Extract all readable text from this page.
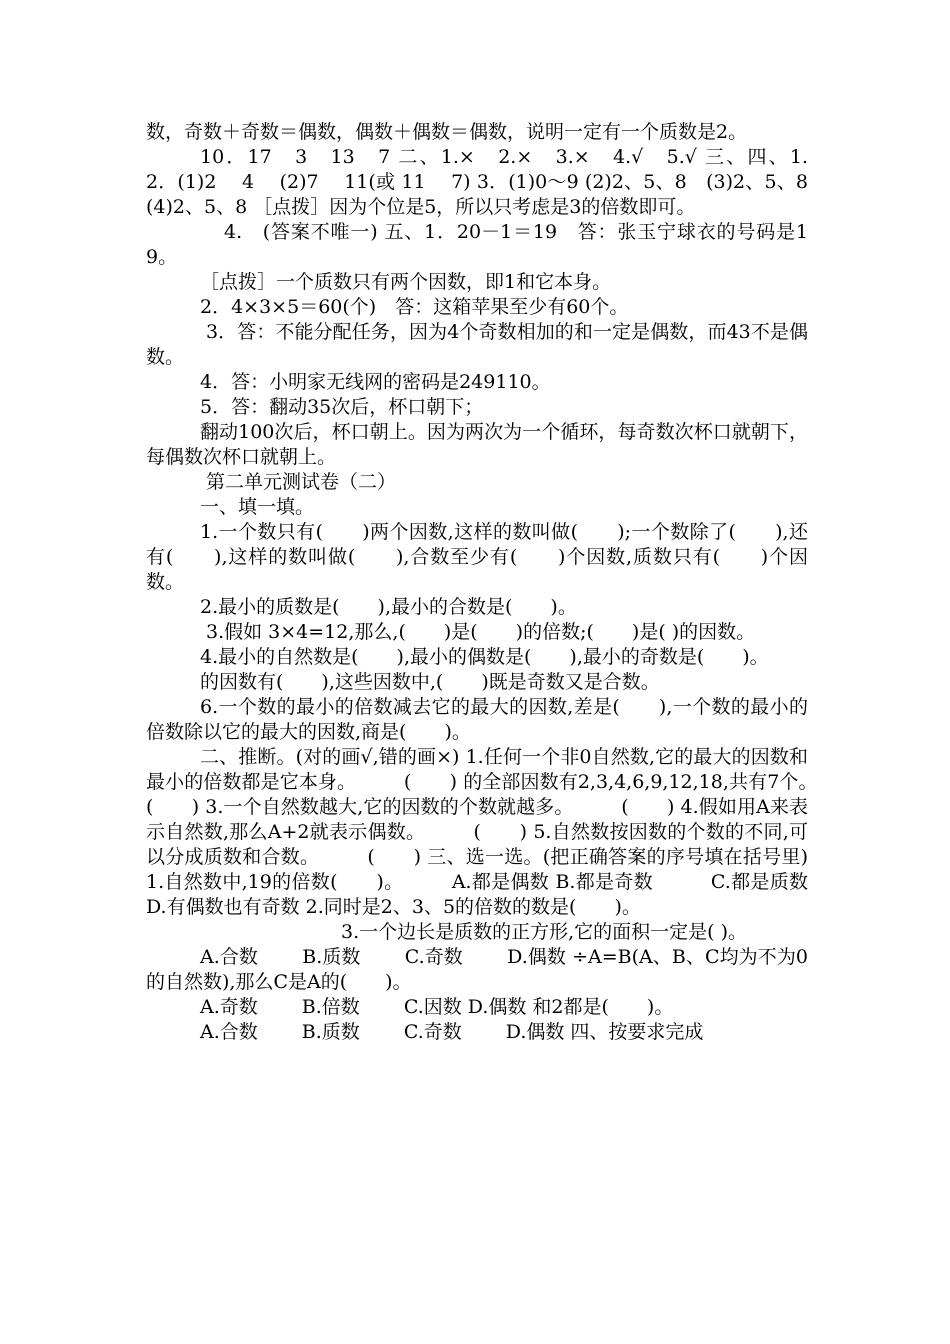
数，奇数＋奇数＝偶数，偶数＋偶数＝偶数，说明一定有一个质数是2。

10．17　3　13　7 二、1.×　2.×　3.×　4.√　5.√ 三、四、1.　　2．(1)2　 4　 (2)7　 11(或 11　 7) 3．(1)0～9 (2)2、5、8　(3)2、5、8 (4)2、5、8 ［点拨］因为个位是5，所以只考虑是3的倍数即可。

4.　(答案不唯一) 五、1．20－1＝19　答：张玉宁球衣的号码是19。

［点拨］一个质数只有两个因数，即1和它本身。

2．4×3×5＝60(个)　答：这箱苹果至少有60个。

3．答：不能分配任务，因为4个奇数相加的和一定是偶数，而43不是偶数。

4．答：小明家无线网的密码是249110。

5．答：翻动35次后，杯口朝下；

翻动100次后，杯口朝上。因为两次为一个循环，每奇数次杯口就朝下，每偶数次杯口就朝上。

第二单元测试卷（二）

一、填一填。

1.一个数只有(　　)两个因数,这样的数叫做(　　);一个数除了(　　),还有(　　),这样的数叫做(　　),合数至少有(　　)个因数,质数只有(　　)个因数。

2.最小的质数是(　　),最小的合数是(　　)。

3.假如 3×4=12,那么,(　　)是(　　)的倍数;(　　)是( )的因数。

4.最小的自然数是(　　),最小的偶数是(　　),最小的奇数是(　　)。

的因数有(　　),这些因数中,(　　)既是奇数又是合数。

6.一个数的最小的倍数减去它的最大的因数,差是(　　),一个数的最小的倍数除以它的最大的因数,商是(　　)。

二、推断。(对的画√,错的画×) 1.任何一个非0自然数,它的最大的因数和最小的倍数都是它本身。　　　(　　) 的全部因数有2,3,4,6,9,12,18,共有7个。　　　(　　) 3.一个自然数越大,它的因数的个数就越多。　　　(　　) 4.假如用A来表示自然数,那么A+2就表示偶数。　　　(　　) 5.自然数按因数的个数的不同,可以分成质数和合数。　　　(　　) 三、选一选。(把正确答案的序号填在括号里) 1.自然数中,19的倍数(　　)。　　　A.都是偶数 B.都是奇数　　　C.都是质数　　　D.有偶数也有奇数 2.同时是2、3、5的倍数的数是(　　)。

3.一个边长是质数的正方形,它的面积一定是( )。

A.合数　　 B.质数　　 C.奇数　　 D.偶数 ÷A=B(A、B、C均为不为0的自然数),那么C是A的(　　)。

A.奇数　　 B.倍数　　 C.因数 D.偶数 和2都是(　　)。

A.合数　　 B.质数　　 C.奇数　　 D.偶数 四、按要求完成
